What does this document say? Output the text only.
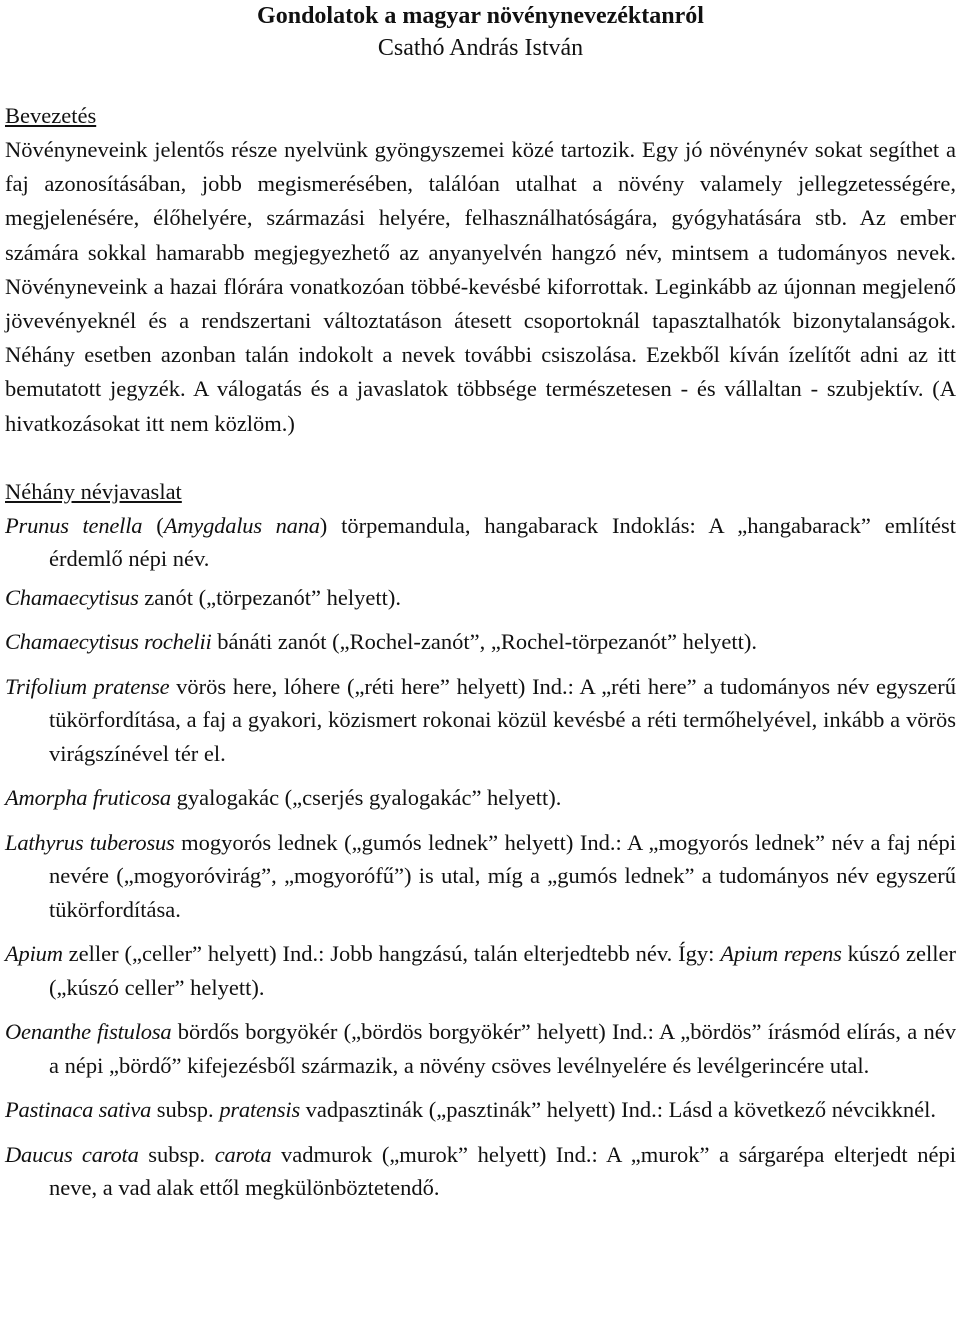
Gondolatok a magyar növénynevezéktanról

Csathó András István

Bevezetés

Növényneveink jelentős része nyelvünk gyöngyszemei közé tartozik. Egy jó növénynév sokat segíthet a faj azonosításában, jobb megismerésében, találóan utalhat a növény valamely jellegzetességére, megjelenésére, élőhelyére, származási helyére, felhasználhatóságára, gyógyhatására stb. Az ember számára sokkal hamarabb megjegyezhető az anyanyelvén hangzó név, mintsem a tudományos nevek. Növényneveink a hazai flórára vonatkozóan többé-kevésbé kiforrottak. Leginkább az újonnan megjelenő jövevényeknél és a rendszertani változtatáson átesett csoportoknál tapasztalhatók bizonytalanságok. Néhány esetben azonban talán indokolt a nevek további csiszolása. Ezekből kíván ízelítőt adni az itt bemutatott jegyzék. A válogatás és a javaslatok többsége természetesen - és vállaltan - szubjektív. (A hivatkozásokat itt nem közlöm.)

Néhány névjavaslat

Prunus tenella (Amygdalus nana) törpemandula, hangabarack Indoklás: A „hangabarack” említést érdemlő népi név.

Chamaecytisus zanót („törpezanót” helyett).

Chamaecytisus rochelii bánáti zanót („Rochel-zanót”, „Rochel-törpezanót” helyett).

Trifolium pratense vörös here, lóhere („réti here” helyett) Ind.: A „réti here” a tudományos név egyszerű tükörfordítása, a faj a gyakori, közismert rokonai közül kevésbé a réti termőhelyével, inkább a vörös virágszínével tér el.

Amorpha fruticosa gyalogakác („cserjés gyalogakác” helyett).

Lathyrus tuberosus mogyorós lednek („gumós lednek” helyett) Ind.: A „mogyorós lednek” név a faj népi nevére („mogyoróvirág”, „mogyorófű”) is utal, míg a „gumós lednek” a tudományos név egyszerű tükörfordítása.

Apium zeller („celler” helyett) Ind.: Jobb hangzású, talán elterjedtebb név. Így: Apium repens kúszó zeller („kúszó celler” helyett).

Oenanthe fistulosa bördős borgyökér („bördös borgyökér” helyett) Ind.: A „bördös” írásmód elírás, a név a népi „bördő” kifejezésből származik, a növény csöves levélnyelére és levélgerincére utal.

Pastinaca sativa subsp. pratensis vadpasztinák („pasztinák” helyett) Ind.: Lásd a következő névcikknél.

Daucus carota subsp. carota vadmurok („murok” helyett) Ind.: A „murok” a sárgarépa elterjedt népi neve, a vad alak ettől megkülönböztetendő.
